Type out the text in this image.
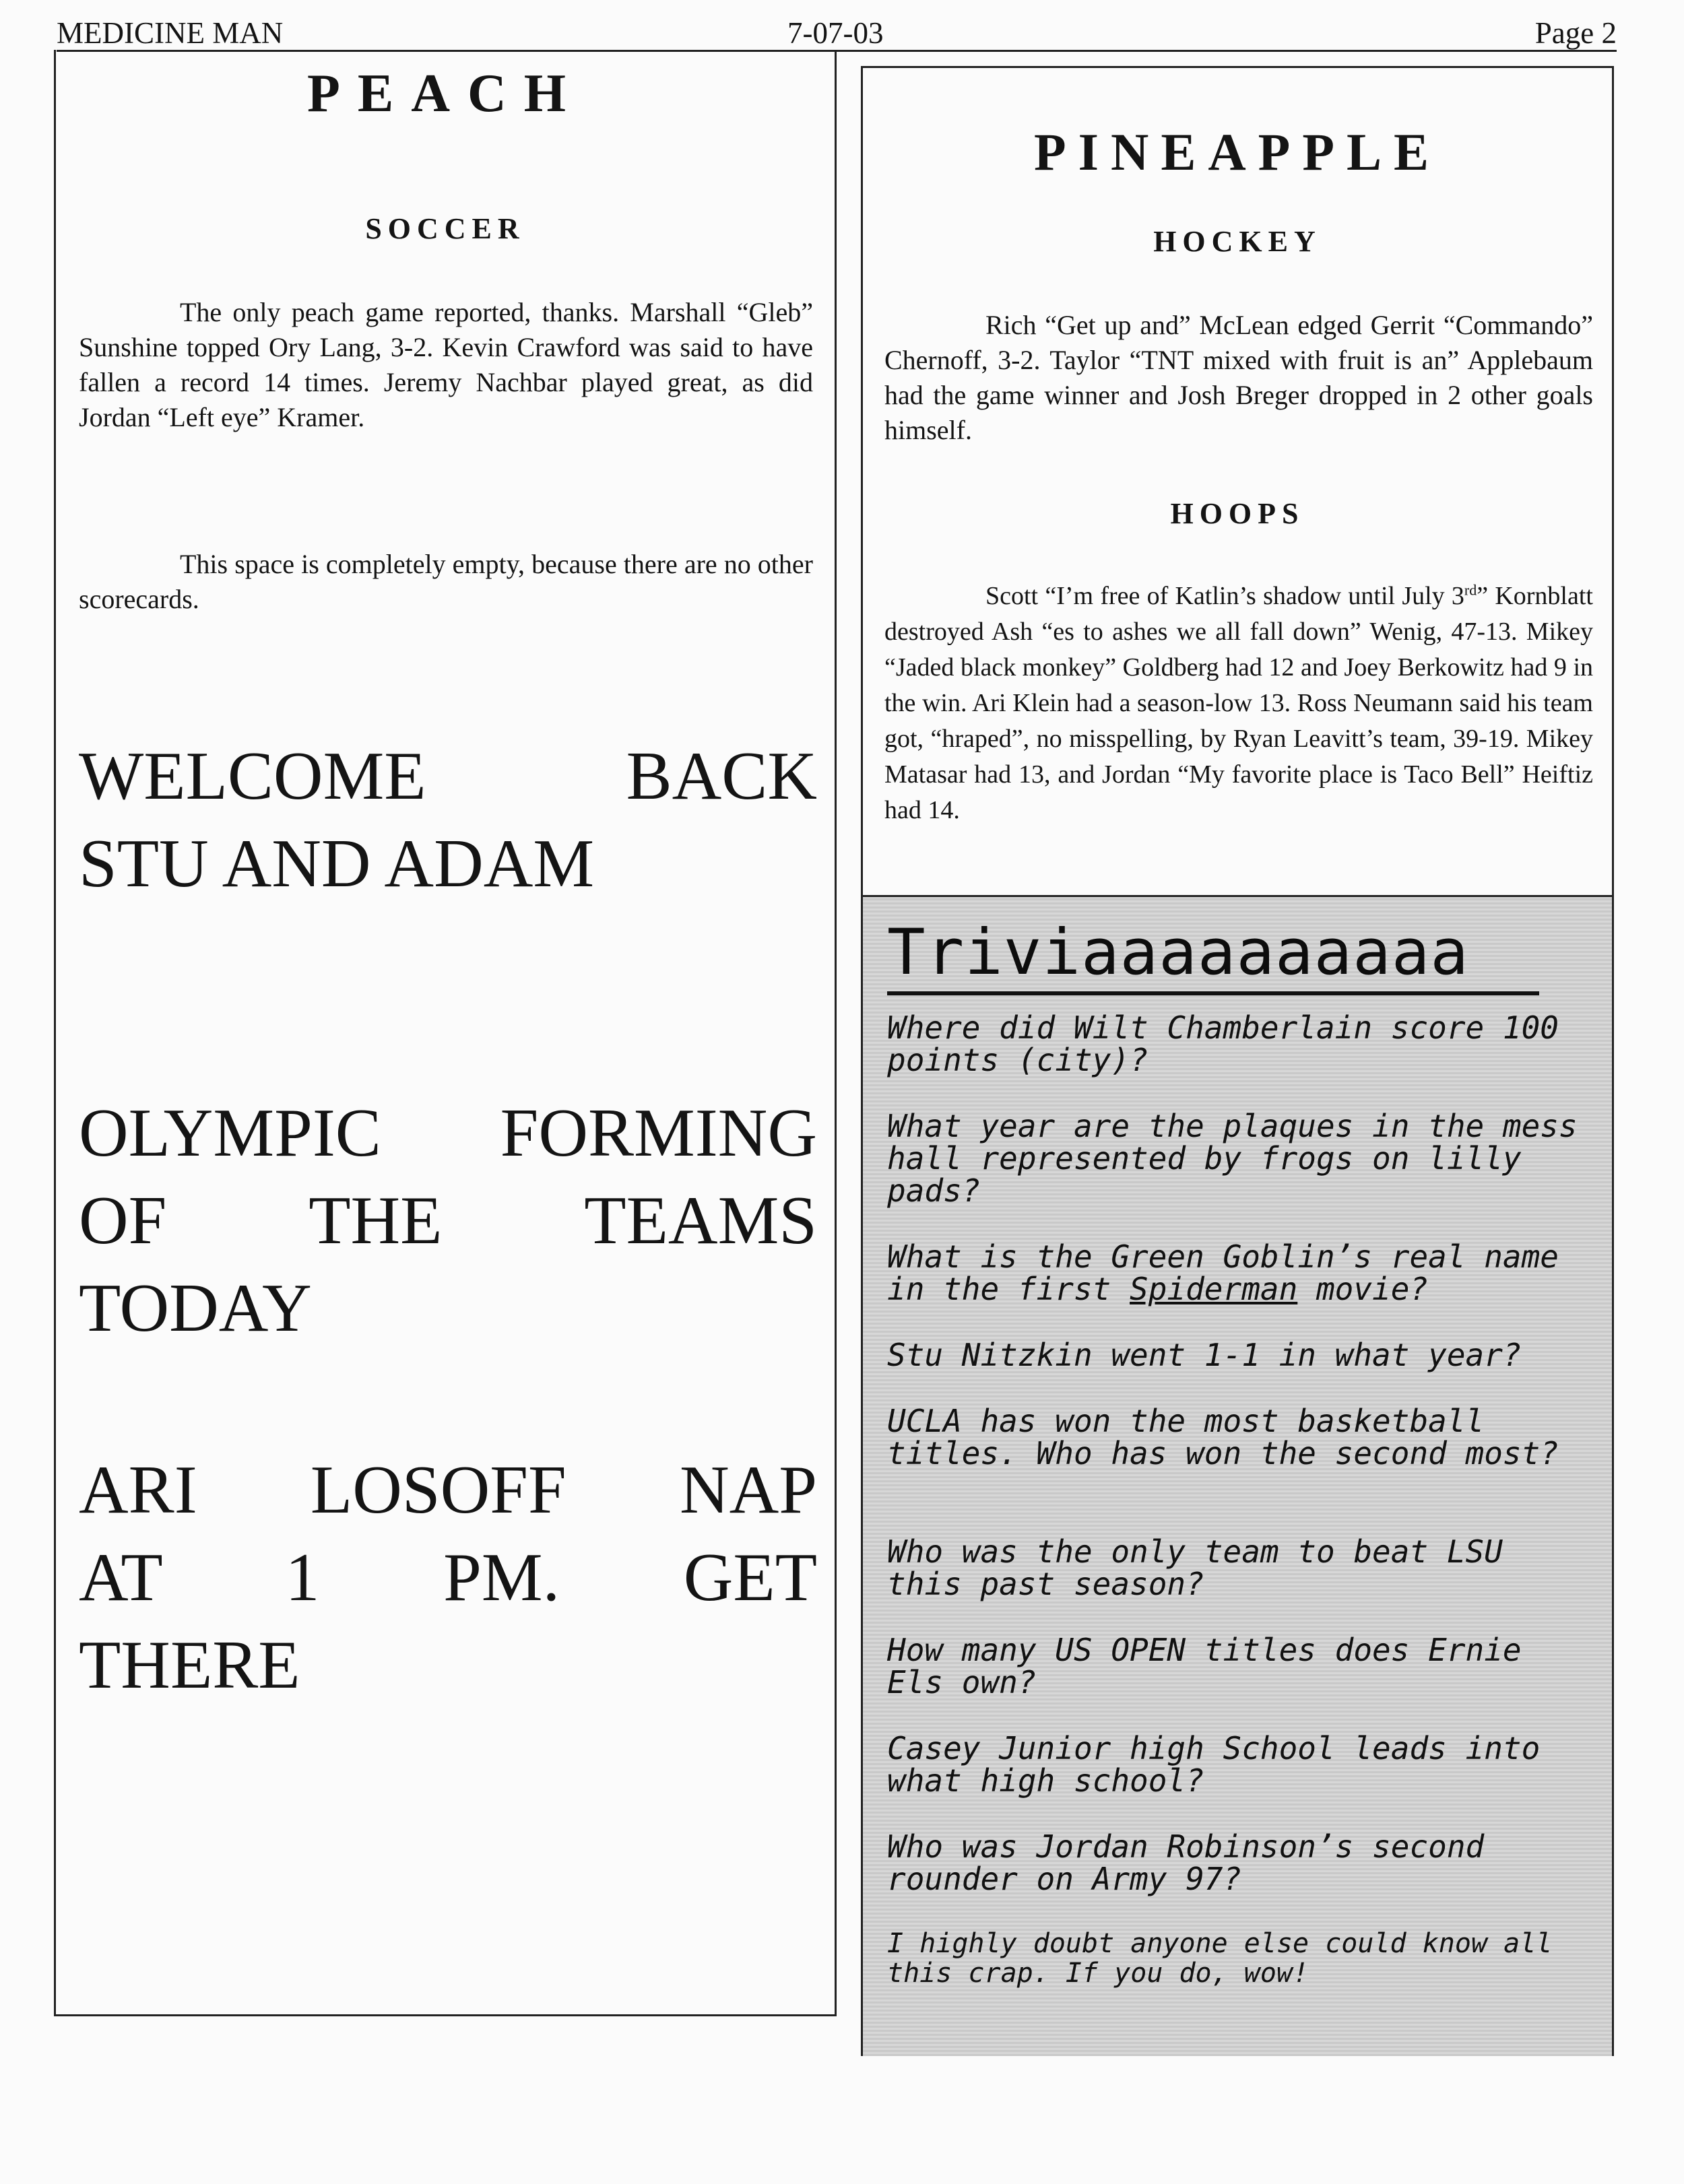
MEDICINE MAN	7-07-03	Page 2
PEACH
SOCCER
The only peach game reported, thanks. Marshall “Gleb” Sunshine topped Ory Lang, 3-2. Kevin Crawford was said to have fallen a record 14 times. Jeremy Nachbar played great, as did Jordan “Left eye” Kramer.
This space is completely empty, because there are no other scorecards.
WELCOME BACK
STU AND ADAM
OLYMPIC FORMING
OF THE TEAMS
TODAY
ARI LOSOFF NAP
AT 1 PM. GET
THERE
PINEAPPLE
HOCKEY
Rich “Get up and” McLean edged Gerrit “Commando” Chernoff, 3-2. Taylor “TNT mixed with fruit is an” Applebaum had the game winner and Josh Breger dropped in 2 other goals himself.
HOOPS
Scott “I’m free of Katlin’s shadow until July 3rd” Kornblatt destroyed Ash “es to ashes we all fall down” Wenig, 47-13. Mikey “Jaded black monkey” Goldberg had 12 and Joey Berkowitz had 9 in the win. Ari Klein had a season-low 13. Ross Neumann said his team got, “hraped”, no misspelling, by Ryan Leavitt’s team, 39-19. Mikey Matasar had 13, and Jordan “My favorite place is Taco Bell” Heiftiz had 14.
Triviaaaaaaaaaa
Where did Wilt Chamberlain score 100 points (city)?
What year are the plaques in the mess hall represented by frogs on lilly pads?
What is the Green Goblin’s real name in the first Spiderman movie?
Stu Nitzkin went 1-1 in what year?
UCLA has won the most basketball titles. Who has won the second most?
Who was the only team to beat LSU this past season?
How many US OPEN titles does Ernie Els own?
Casey Junior high School leads into what high school?
Who was Jordan Robinson’s second rounder on Army 97?
I highly doubt anyone else could know all this crap. If you do, wow!
